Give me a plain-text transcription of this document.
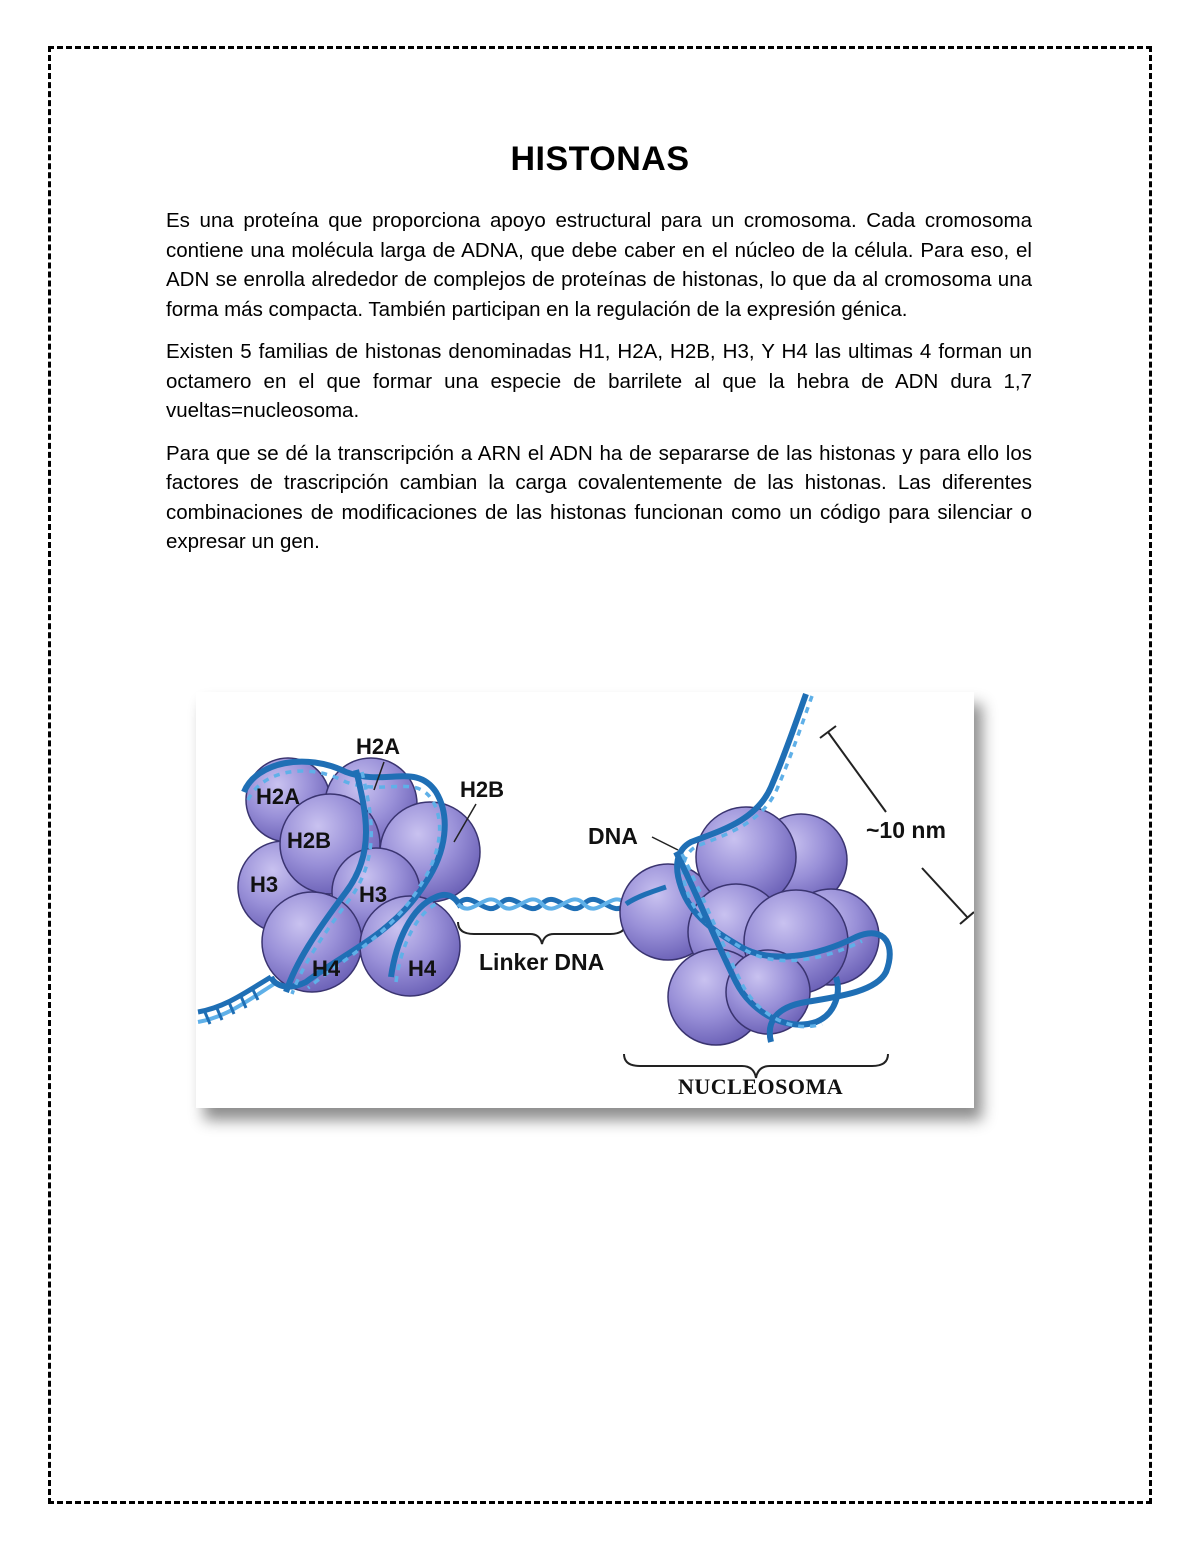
HISTONAS

Es una proteína que proporciona apoyo estructural para un cromosoma. Cada cromosoma contiene una molécula larga de ADNA, que debe caber en el núcleo de la célula. Para eso, el ADN se enrolla alrededor de complejos de proteínas de histonas, lo que da al cromosoma una forma más compacta. También participan en la regulación de la expresión génica.

Existen 5 familias de histonas denominadas H1, H2A, H2B, H3, Y H4 las ultimas 4 forman un octamero en el que formar una especie de barrilete al que la hebra de ADN dura 1,7 vueltas=nucleosoma.

Para que se dé la transcripción a ARN el ADN ha de separarse de las histonas y para ello los factores de trascripción cambian la carga covalentemente de las histonas. Las diferentes combinaciones de modificaciones de las histonas funcionan como un código para silenciar o expresar un gen.

H2A
H2A
H2B
H2B
H3	H3
H4	H4 Linker DNA
DNA	~10 nm
NUCLEOSOMA
